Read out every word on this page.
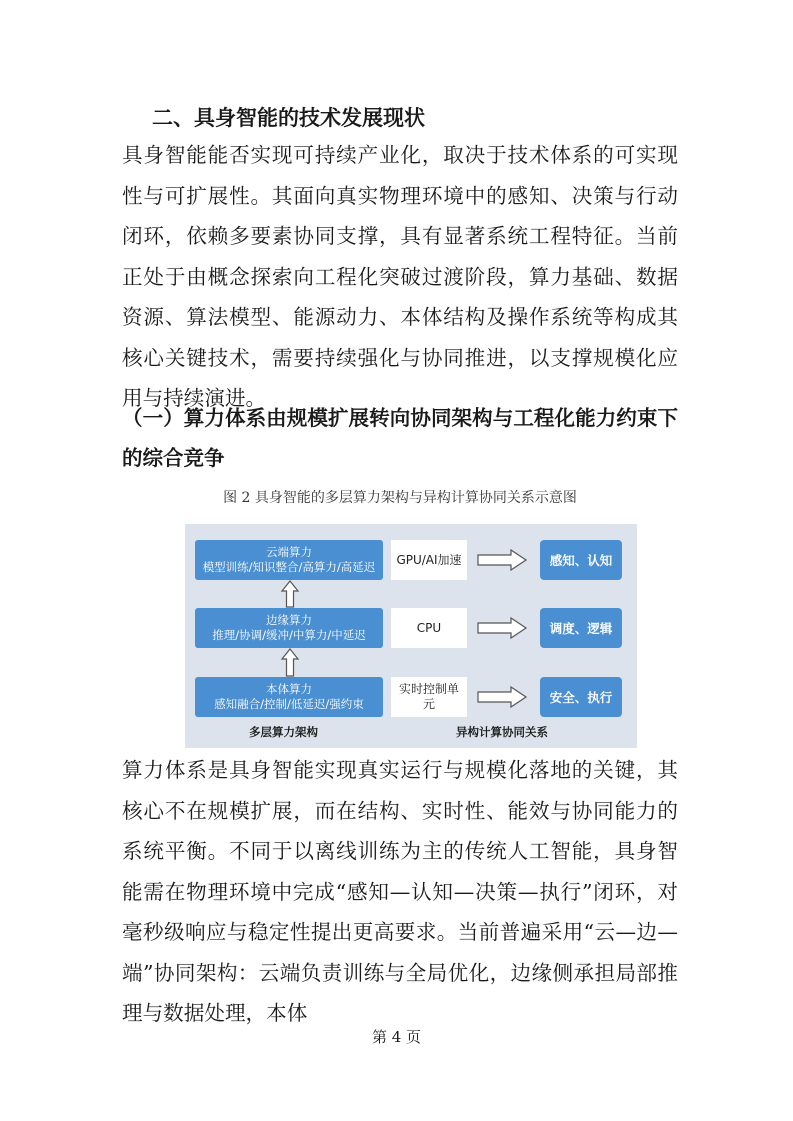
二、具身智能的技术发展现状

具身智能能否实现可持续产业化，取决于技术体系的可实现性与可扩展性。其面向真实物理环境中的感知、决策与行动闭环，依赖多要素协同支撑，具有显著系统工程特征。当前正处于由概念探索向工程化突破过渡阶段，算力基础、数据资源、算法模型、能源动力、本体结构及操作系统等构成其核心关键技术，需要持续强化与协同推进，以支撑规模化应用与持续演进。

（一）算力体系由规模扩展转向协同架构与工程化能力约束下的综合竞争

图 2 具身智能的多层算力架构与异构计算协同关系示意图
云端算力
模型训练/知识整合/高算力/高延迟
边缘算力
推理/协调/缓冲/中算力/中延迟
本体算力
感知融合/控制/低延迟/强约束
GPU/AI加速
CPU
实时控制单元
感知、认知
调度、逻辑
安全、执行
多层算力架构	异构计算协同关系

算力体系是具身智能实现真实运行与规模化落地的关键，其核心不在规模扩展，而在结构、实时性、能效与协同能力的系统平衡。不同于以离线训练为主的传统人工智能，具身智能需在物理环境中完成“感知—认知—决策—执行”闭环，对毫秒级响应与稳定性提出更高要求。当前普遍采用“云—边—端”协同架构：云端负责训练与全局优化，边缘侧承担局部推理与数据处理，本体

第 4 页
